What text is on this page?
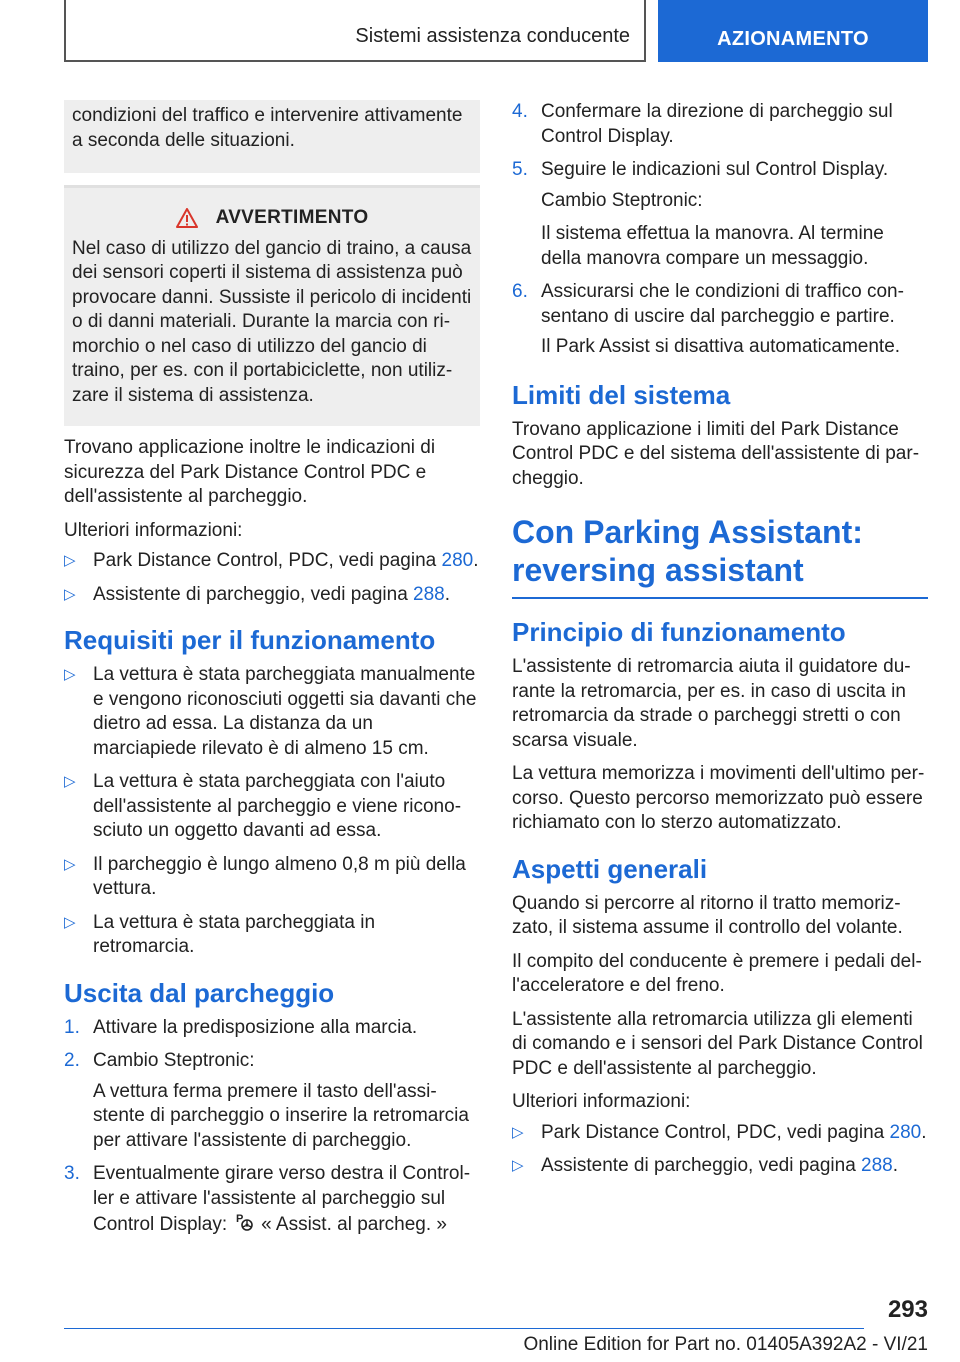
Sistemi assistenza conducente	AZIONAMENTO

condizioni del traffico e intervenire attivamente a seconda delle situazioni.

AVVERTIMENTO

Nel caso di utilizzo del gancio di traino, a causa dei sensori coperti il sistema di assistenza può provocare danni. Sussiste il pericolo di incidenti o di danni materiali. Durante la marcia con rimorchio o nel caso di utilizzo del gancio di traino, per es. con il portabiciclette, non utilizzare il sistema di assistenza.

Trovano applicazione inoltre le indicazioni di sicurezza del Park Distance Control PDC e dell'assistente al parcheggio.

Ulteriori informazioni:

▷ Park Distance Control, PDC, vedi pagina 280.
▷ Assistente di parcheggio, vedi pagina 288.
Requisiti per il funzionamento
▷ La vettura è stata parcheggiata manualmente e vengono riconosciuti oggetti sia davanti che dietro ad essa. La distanza da un marciapiede rilevato è di almeno 15 cm.
▷ La vettura è stata parcheggiata con l'aiuto dell'assistente al parcheggio e viene riconosciuto un oggetto davanti ad essa.
▷ Il parcheggio è lungo almeno 0,8 m più della vettura.
▷ La vettura è stata parcheggiata in retromarcia.
Uscita dal parcheggio
1. Attivare la predisposizione alla marcia.
2. Cambio Steptronic:

A vettura ferma premere il tasto dell'assistente di parcheggio o inserire la retromarcia per attivare l'assistente di parcheggio.

3. Eventualmente girare verso destra il Controller e attivare l'assistente al parcheggio sul Control Display: P « Assist. al parcheg. »
4. Confermare la direzione di parcheggio sul Control Display.
5. Seguire le indicazioni sul Control Display.

Cambio Steptronic:

Il sistema effettua la manovra. Al termine della manovra compare un messaggio.

6. Assicurarsi che le condizioni di traffico consentano di uscire dal parcheggio e partire.

Il Park Assist si disattiva automaticamente.

Limiti del sistema

Trovano applicazione i limiti del Park Distance Control PDC e del sistema dell'assistente di parcheggio.

Con Parking Assistant: reversing assistant
Principio di funzionamento

L'assistente di retromarcia aiuta il guidatore durante la retromarcia, per es. in caso di uscita in retromarcia da strade o parcheggi stretti o con scarsa visuale.

La vettura memorizza i movimenti dell'ultimo percorso. Questo percorso memorizzato può essere richiamato con lo sterzo automatizzato.

Aspetti generali

Quando si percorre al ritorno il tratto memorizzato, il sistema assume il controllo del volante.

Il compito del conducente è premere i pedali dell'acceleratore e del freno.

L'assistente alla retromarcia utilizza gli elementi di comando e i sensori del Park Distance Control PDC e dell'assistente al parcheggio.

Ulteriori informazioni:

▷ Park Distance Control, PDC, vedi pagina 280.
▷ Assistente di parcheggio, vedi pagina 288.
293
Online Edition for Part no. 01405A392A2 - VI/21
